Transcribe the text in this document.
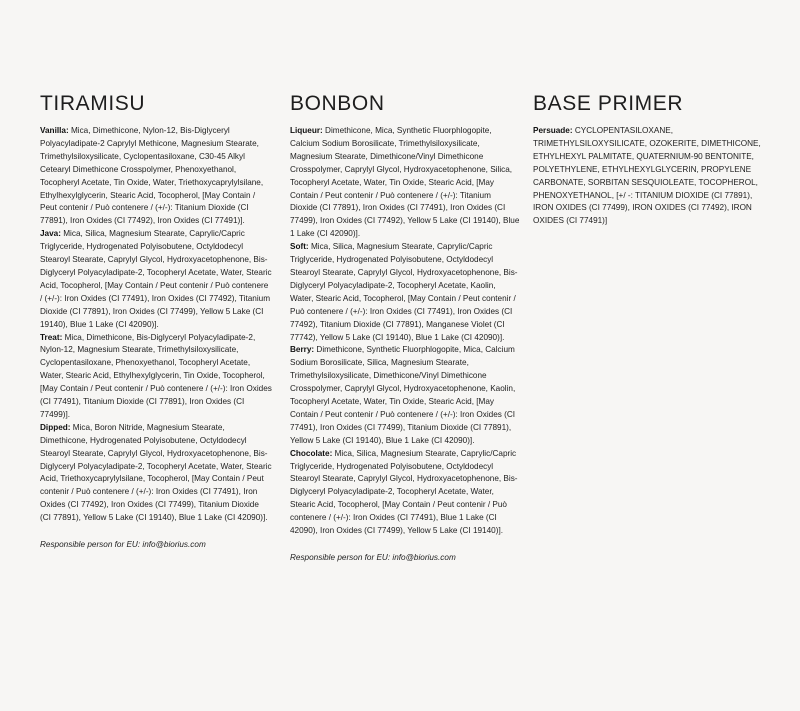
TIRAMISU

Vanilla: Mica, Dimethicone, Nylon-12, Bis-Diglyceryl Polyacyladipate-2 Caprylyl Methicone, Magnesium Stearate, Trimethylsiloxysilicate, Cyclopentasiloxane, C30-45 Alkyl Cetearyl Dimethicone Crosspolymer, Phenoxyethanol, Tocopheryl Acetate, Tin Oxide, Water, Triethoxycaprylylsilane, Ethylhexylglycerin, Stearic Acid, Tocopherol, [May Contain / Peut contenir / Può contenere / (+/-): Titanium Dioxide (CI 77891), Iron Oxides (CI 77492), Iron Oxides (CI 77491)].

Java: Mica, Silica, Magnesium Stearate, Caprylic/Capric Triglyceride, Hydrogenated Polyisobutene, Octyldodecyl Stearoyl Stearate, Caprylyl Glycol, Hydroxyacetophenone, Bis-Diglyceryl Polyacyladipate-2, Tocopheryl Acetate, Water, Stearic Acid, Tocopherol, [May Contain / Peut contenir / Può contenere / (+/-): Iron Oxides (CI 77491), Iron Oxides (CI 77492), Titanium Dioxide (CI 77891), Iron Oxides (CI 77499), Yellow 5 Lake (CI 19140), Blue 1 Lake (CI 42090)].

Treat: Mica, Dimethicone, Bis-Diglyceryl Polyacyladipate-2, Nylon-12, Magnesium Stearate, Trimethylsiloxysilicate, Cyclopentasiloxane, Phenoxyethanol, Tocopheryl Acetate, Water, Stearic Acid, Ethylhexylglycerin, Tin Oxide, Tocopherol, [May Contain / Peut contenir / Può contenere / (+/-): Iron Oxides (CI 77491), Titanium Dioxide (CI 77891), Iron Oxides (CI 77499)].

Dipped: Mica, Boron Nitride, Magnesium Stearate, Dimethicone, Hydrogenated Polyisobutene, Octyldodecyl Stearoyl Stearate, Caprylyl Glycol, Hydroxyacetophenone, Bis-Diglyceryl Polyacyladipate-2, Tocopheryl Acetate, Water, Stearic Acid, Triethoxycaprylylsilane, Tocopherol, [May Contain / Peut contenir / Può contenere / (+/-): Iron Oxides (CI 77491), Iron Oxides (CI 77492), Iron Oxides (CI 77499), Titanium Dioxide (CI 77891), Yellow 5 Lake (CI 19140), Blue 1 Lake (CI 42090)].

Responsible person for EU: info@biorius.com
BONBON

Liqueur: Dimethicone, Mica, Synthetic Fluorphlogopite, Calcium Sodium Borosilicate, Trimethylsiloxysilicate, Magnesium Stearate, Dimethicone/Vinyl Dimethicone Crosspolymer, Caprylyl Glycol, Hydroxyacetophenone, Silica, Tocopheryl Acetate, Water, Tin Oxide, Stearic Acid, [May Contain / Peut contenir / Può contenere / (+/-): Titanium Dioxide (CI 77891), Iron Oxides (CI 77491), Iron Oxides (CI 77499), Iron Oxides (CI 77492), Yellow 5 Lake (CI 19140), Blue 1 Lake (CI 42090)].

Soft: Mica, Silica, Magnesium Stearate, Caprylic/Capric Triglyceride, Hydrogenated Polyisobutene, Octyldodecyl Stearoyl Stearate, Caprylyl Glycol, Hydroxyacetophenone, Bis-Diglyceryl Polyacyladipate-2, Tocopheryl Acetate, Kaolin, Water, Stearic Acid, Tocopherol, [May Contain / Peut contenir / Può contenere / (+/-): Iron Oxides (CI 77491), Iron Oxides (CI 77492), Titanium Dioxide (CI 77891), Manganese Violet (CI 77742), Yellow 5 Lake (CI 19140), Blue 1 Lake (CI 42090)].

Berry: Dimethicone, Synthetic Fluorphlogopite, Mica, Calcium Sodium Borosilicate, Silica, Magnesium Stearate, Trimethylsiloxysilicate, Dimethicone/Vinyl Dimethicone Crosspolymer, Caprylyl Glycol, Hydroxyacetophenone, Kaolin, Tocopheryl Acetate, Water, Tin Oxide, Stearic Acid, [May Contain / Peut contenir / Può contenere / (+/-): Iron Oxides (CI 77491), Iron Oxides (CI 77499), Titanium Dioxide (CI 77891), Yellow 5 Lake (CI 19140), Blue 1 Lake (CI 42090)].

Chocolate: Mica, Silica, Magnesium Stearate, Caprylic/Capric Triglyceride, Hydrogenated Polyisobutene, Octyldodecyl Stearoyl Stearate, Caprylyl Glycol, Hydroxyacetophenone, Bis-Diglyceryl Polyacyladipate-2, Tocopheryl Acetate, Water, Stearic Acid, Tocopherol, [May Contain / Peut contenir / Può contenere / (+/-): Iron Oxides (CI 77491), Blue 1 Lake (CI 42090), Iron Oxides (CI 77499), Yellow 5 Lake (CI 19140)].

Responsible person for EU: info@biorius.com
BASE PRIMER

Persuade: CYCLOPENTASILOXANE, TRIMETHYLSILOXYSILICATE, OZOKERITE, DIMETHICONE, ETHYLHEXYL PALMITATE, QUATERNIUM-90 BENTONITE, POLYETHYLENE, ETHYLHEXYLGLYCERIN, PROPYLENE CARBONATE, SORBITAN SESQUIOLEATE, TOCOPHEROL, PHENOXYETHANOL, [+/ -: TITANIUM DIOXIDE (CI 77891), IRON OXIDES (CI 77499), IRON OXIDES (CI 77492), IRON OXIDES (CI 77491)]
